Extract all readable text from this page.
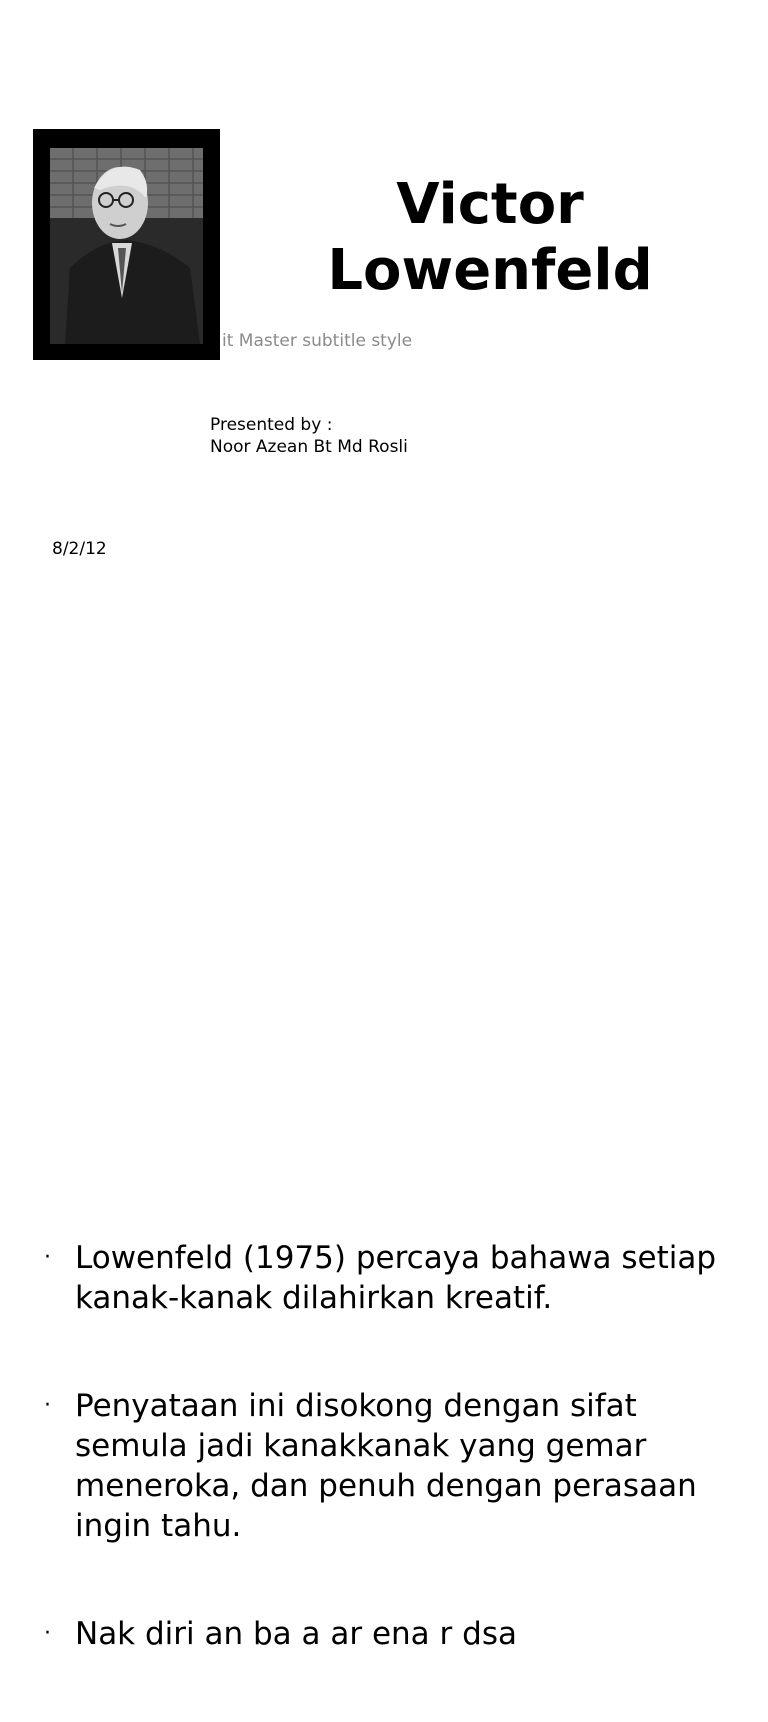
Victor
Lowenfeld
it Master subtitle style
Presented by :
Noor Azean Bt Md Rosli
8/2/12
· Lowenfeld (1975) percaya bahawa setiap kanak-kanak dilahirkan kreatif.
· Penyataan ini disokong dengan sifat semula jadi kanakkanak yang gemar meneroka, dan penuh dengan perasaan ingin tahu.
· Nak diri an ba a ar ena r dsa
